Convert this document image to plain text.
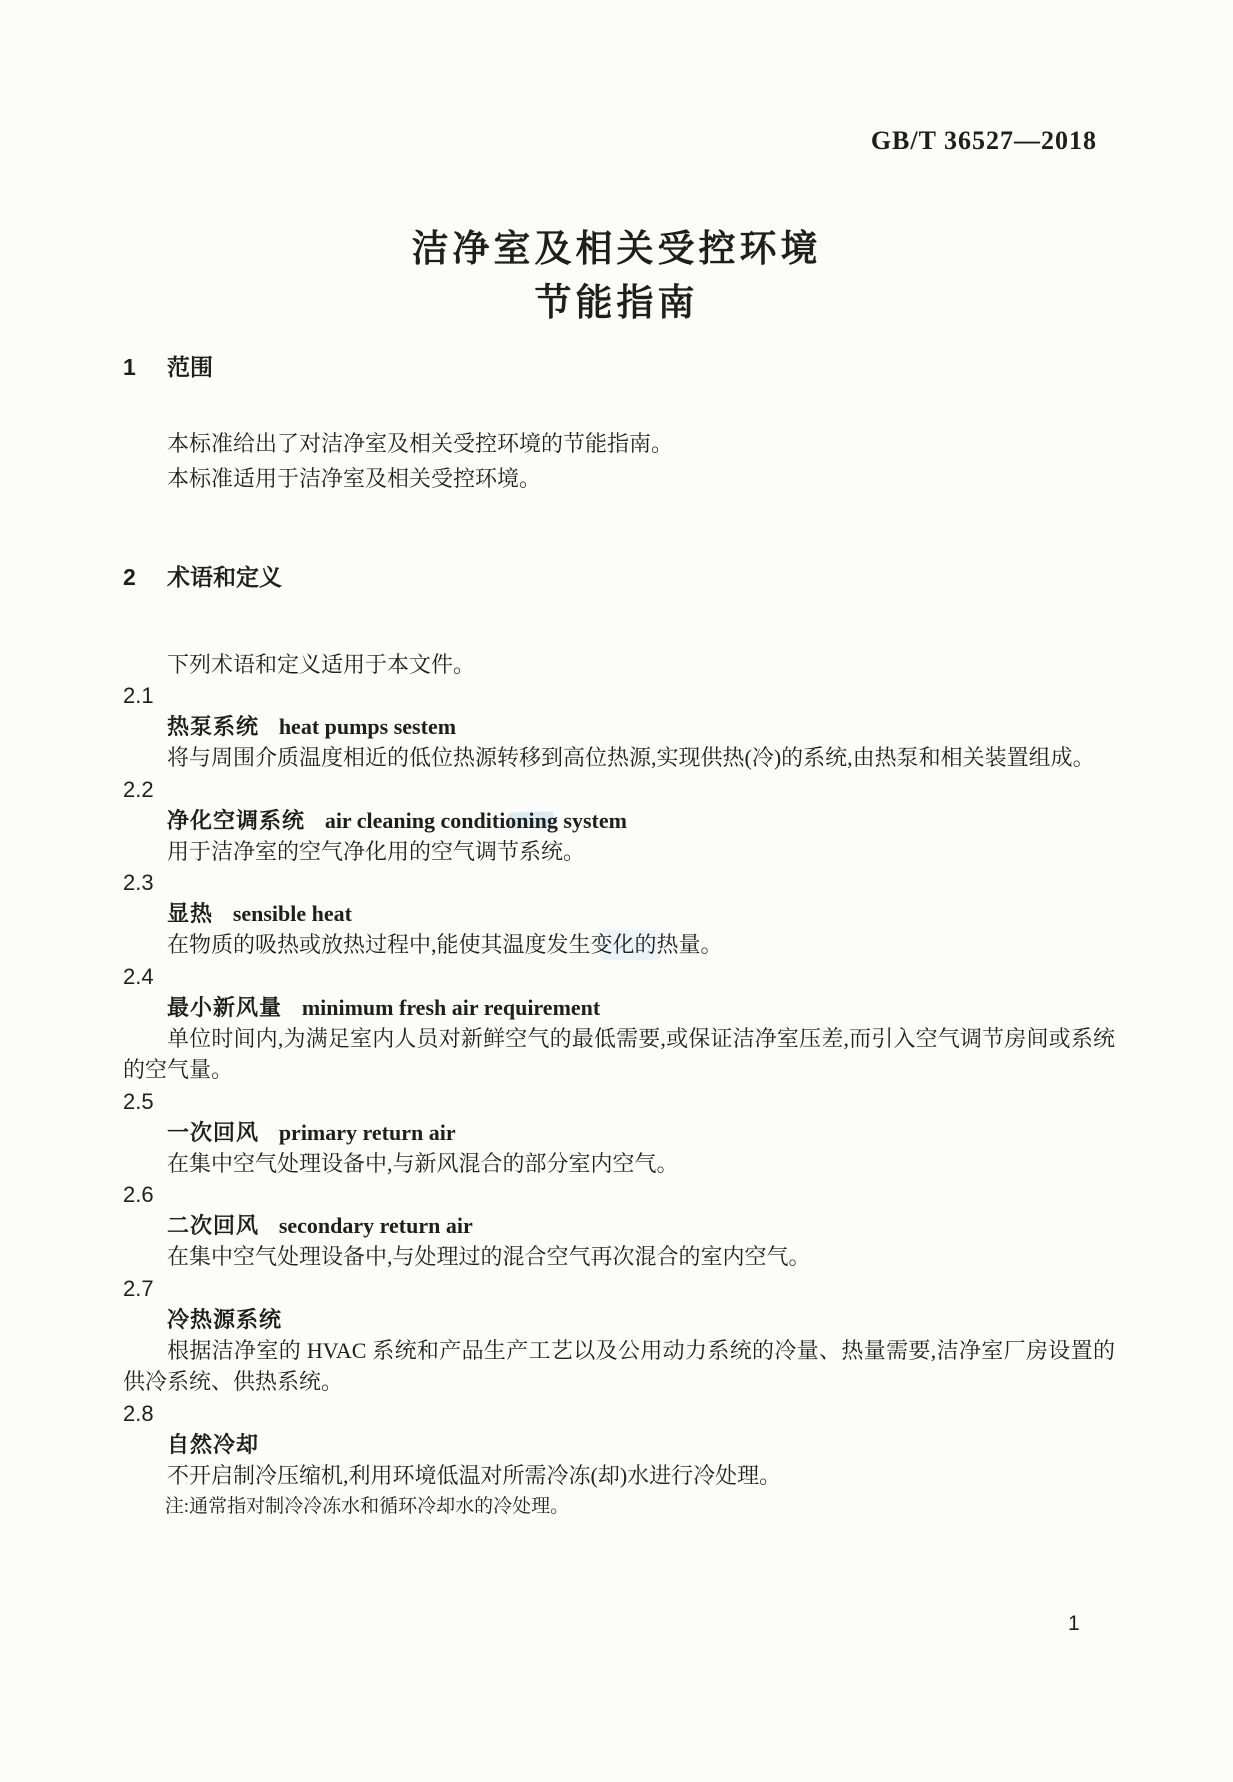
GB/T 36527—2018
洁净室及相关受控环境
节能指南
1 范围

本标准给出了对洁净室及相关受控环境的节能指南。

本标准适用于洁净室及相关受控环境。

2 术语和定义

下列术语和定义适用于本文件。

2.1

热泵系统 heat pumps sestem

将与周围介质温度相近的低位热源转移到高位热源,实现供热(冷)的系统,由热泵和相关装置组成。

2.2

净化空调系统 air cleaning conditioning system

用于洁净室的空气净化用的空气调节系统。

2.3

显热 sensible heat

在物质的吸热或放热过程中,能使其温度发生变化的热量。

2.4

最小新风量 minimum fresh air requirement

单位时间内,为满足室内人员对新鲜空气的最低需要,或保证洁净室压差,而引入空气调节房间或系统的空气量。

2.5

一次回风 primary return air

在集中空气处理设备中,与新风混合的部分室内空气。

2.6

二次回风 secondary return air

在集中空气处理设备中,与处理过的混合空气再次混合的室内空气。

2.7

冷热源系统

根据洁净室的 HVAC 系统和产品生产工艺以及公用动力系统的冷量、热量需要,洁净室厂房设置的供冷系统、供热系统。

2.8

自然冷却

不开启制冷压缩机,利用环境低温对所需冷冻(却)水进行冷处理。

注:通常指对制冷冷冻水和循环冷却水的冷处理。

1
